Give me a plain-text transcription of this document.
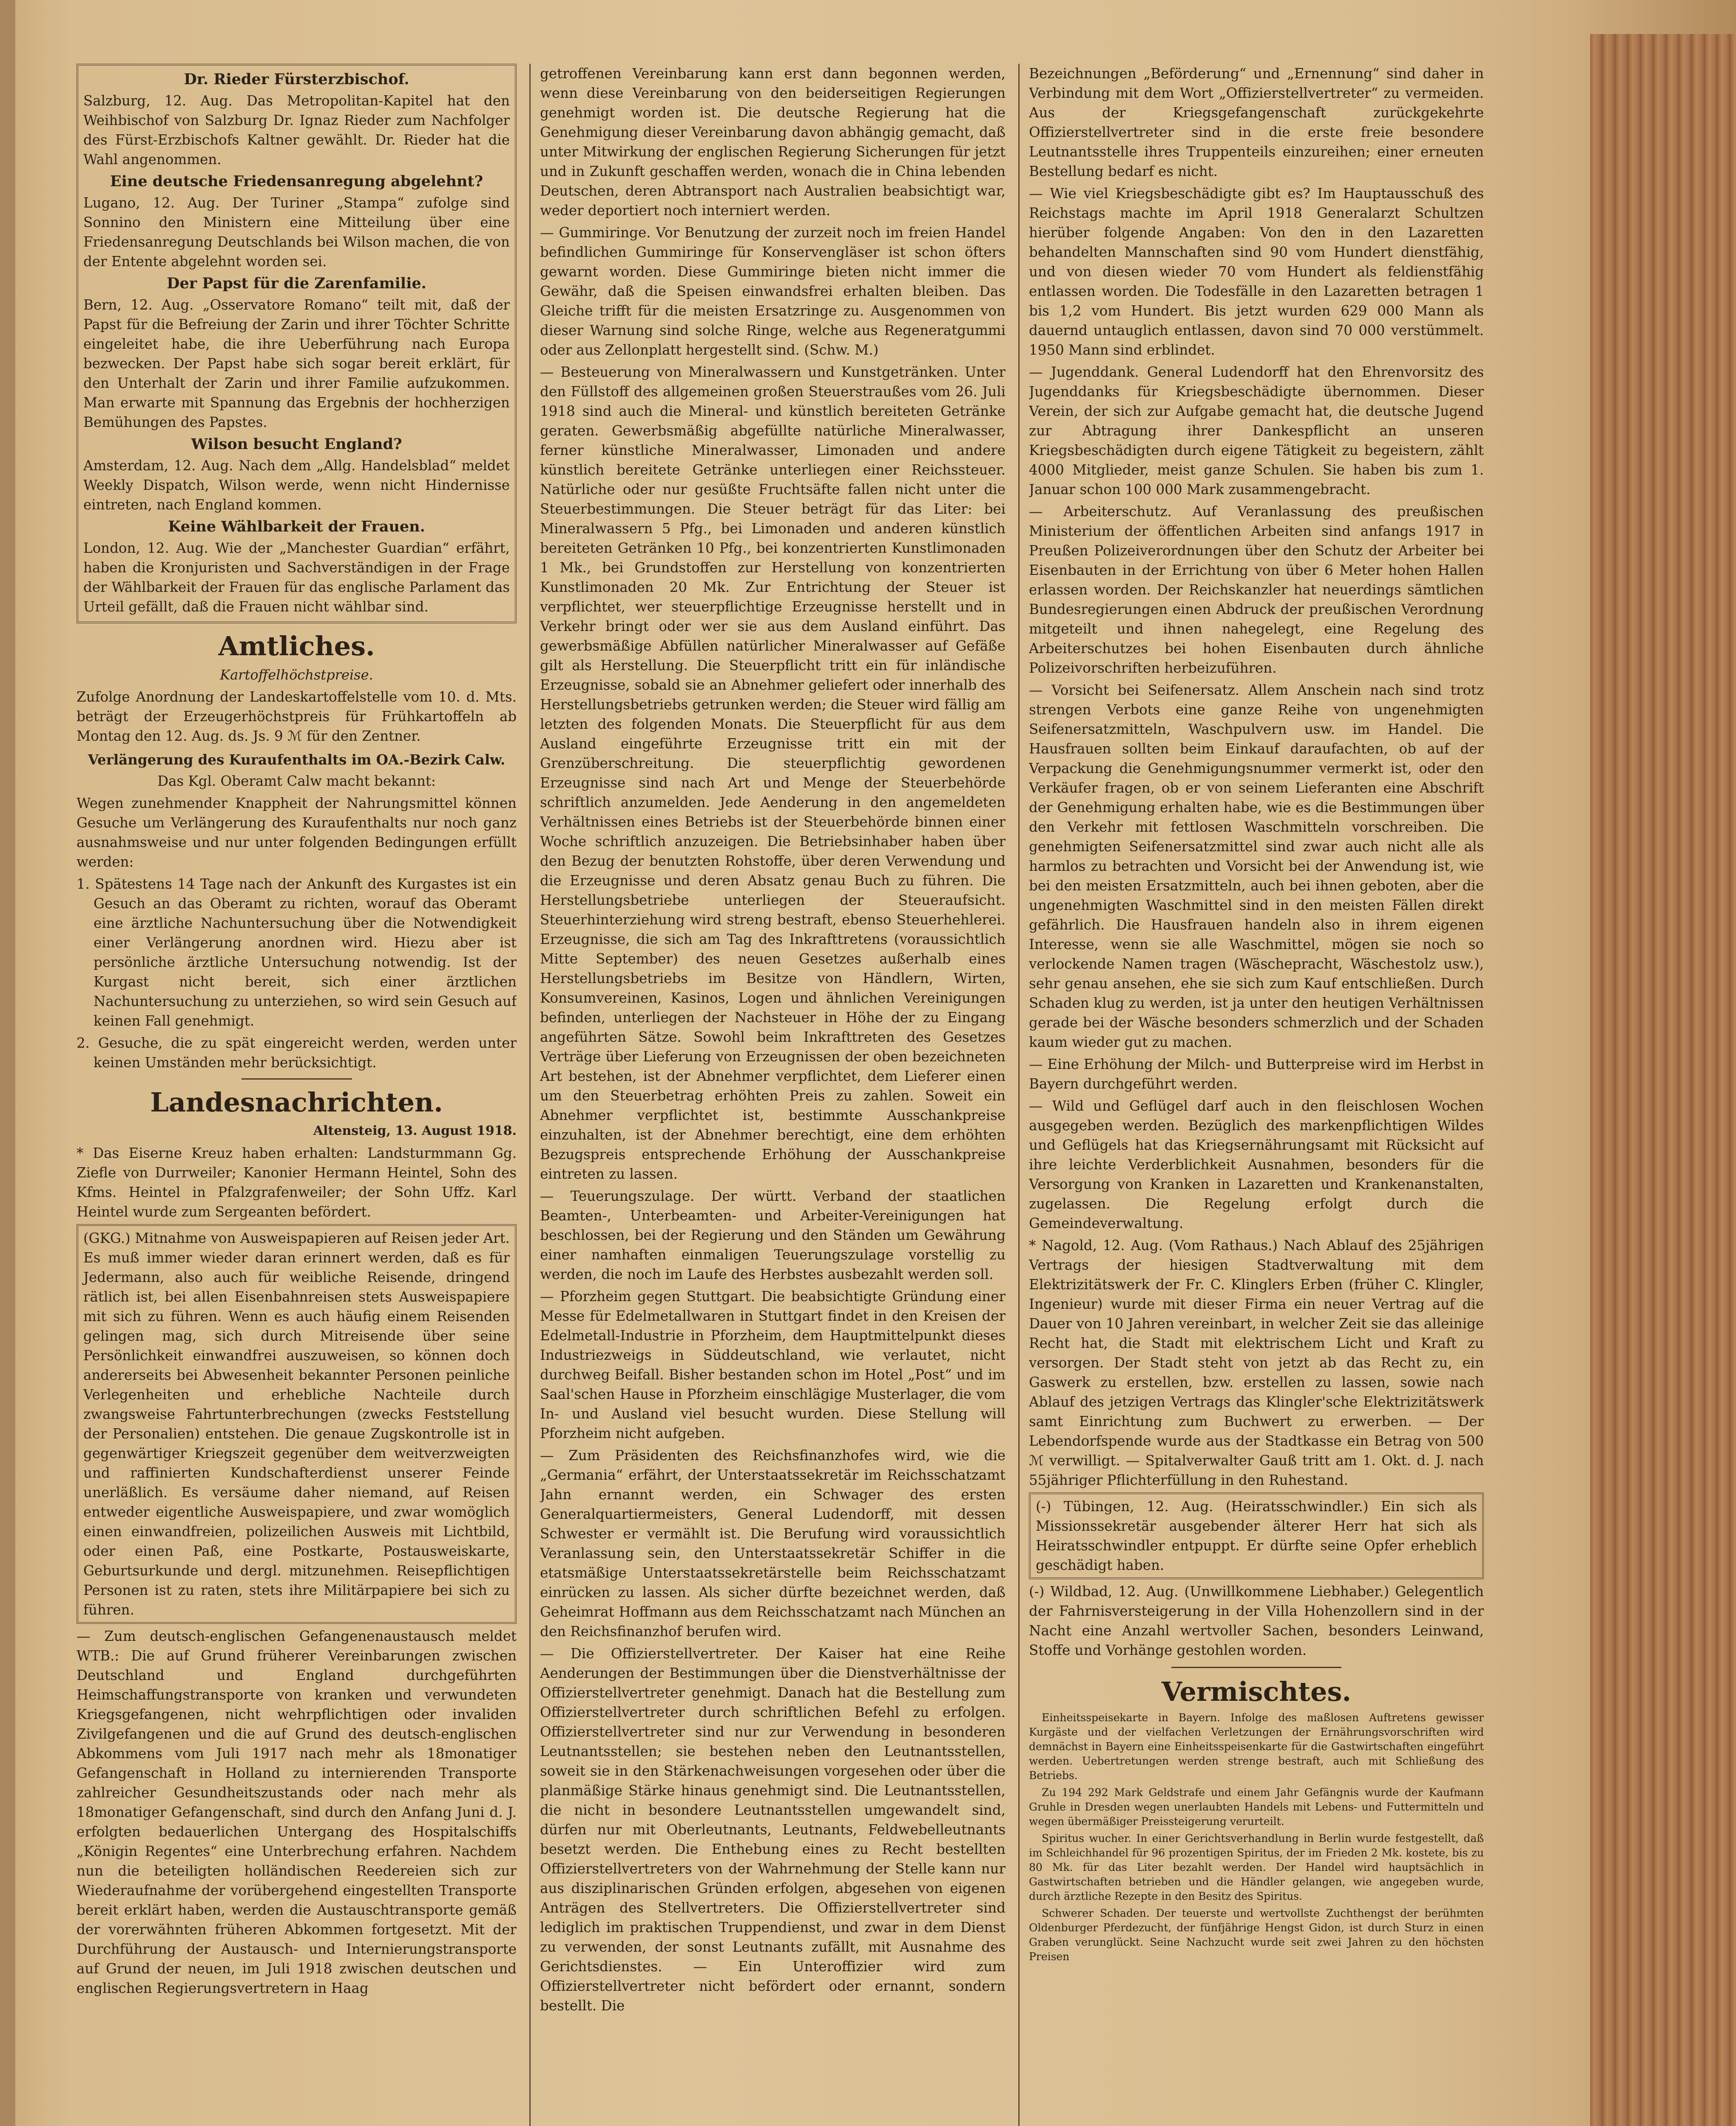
Dr. Rieder Fürsterzbischof.

Salzburg, 12. Aug. Das Metropolitan-Kapitel hat den Weihbischof von Salzburg Dr. Ignaz Rieder zum Nachfolger des Fürst-Erzbischofs Kaltner gewählt. Dr. Rieder hat die Wahl angenommen.

Eine deutsche Friedensanregung abgelehnt?

Lugano, 12. Aug. Der Turiner „Stampa“ zufolge sind Sonnino den Ministern eine Mitteilung über eine Friedensanregung Deutschlands bei Wilson machen, die von der Entente abgelehnt worden sei.

Der Papst für die Zarenfamilie.

Bern, 12. Aug. „Osservatore Romano“ teilt mit, daß der Papst für die Befreiung der Zarin und ihrer Töchter Schritte eingeleitet habe, die ihre Ueberführung nach Europa bezwecken. Der Papst habe sich sogar bereit erklärt, für den Unterhalt der Zarin und ihrer Familie aufzukommen. Man erwarte mit Spannung das Ergebnis der hochherzigen Bemühungen des Papstes.

Wilson besucht England?

Amsterdam, 12. Aug. Nach dem „Allg. Handelsblad“ meldet Weekly Dispatch, Wilson werde, wenn nicht Hindernisse eintreten, nach England kommen.

Keine Wählbarkeit der Frauen.

London, 12. Aug. Wie der „Manchester Guardian“ erfährt, haben die Kronjuristen und Sachverständigen in der Frage der Wählbarkeit der Frauen für das englische Parlament das Urteil gefällt, daß die Frauen nicht wählbar sind.

Amtliches.
Kartoffelhöchstpreise.

Zufolge Anordnung der Landeskartoffelstelle vom 10. d. Mts. beträgt der Erzeugerhöchstpreis für Frühkartoffeln ab Montag den 12. Aug. ds. Js. 9 ℳ für den Zentner.

Verlängerung des Kuraufenthalts im OA.-Bezirk Calw.

Das Kgl. Oberamt Calw macht bekannt:

Wegen zunehmender Knappheit der Nahrungsmittel können Gesuche um Verlängerung des Kuraufenthalts nur noch ganz ausnahmsweise und nur unter folgenden Bedingungen erfüllt werden:

1. Spätestens 14 Tage nach der Ankunft des Kurgastes ist ein Gesuch an das Oberamt zu richten, worauf das Oberamt eine ärztliche Nachuntersuchung über die Notwendigkeit einer Verlängerung anordnen wird. Hiezu aber ist persönliche ärztliche Untersuchung notwendig. Ist der Kurgast nicht bereit, sich einer ärztlichen Nachuntersuchung zu unterziehen, so wird sein Gesuch auf keinen Fall genehmigt.

2. Gesuche, die zu spät eingereicht werden, werden unter keinen Umständen mehr berücksichtigt.

Landesnachrichten.
Altensteig, 13. August 1918.

* Das Eiserne Kreuz haben erhalten: Landsturmmann Gg. Ziefle von Durrweiler; Kanonier Hermann Heintel, Sohn des Kfms. Heintel in Pfalzgrafenweiler; der Sohn Uffz. Karl Heintel wurde zum Sergeanten befördert.

(GKG.) Mitnahme von Ausweispapieren auf Reisen jeder Art. Es muß immer wieder daran erinnert werden, daß es für Jedermann, also auch für weibliche Reisende, dringend rätlich ist, bei allen Eisenbahnreisen stets Ausweispapiere mit sich zu führen. Wenn es auch häufig einem Reisenden gelingen mag, sich durch Mitreisende über seine Persönlichkeit einwandfrei auszuweisen, so können doch andererseits bei Abwesenheit bekannter Personen peinliche Verlegenheiten und erhebliche Nachteile durch zwangsweise Fahrtunterbrechungen (zwecks Feststellung der Personalien) entstehen. Die genaue Zugskontrolle ist in gegenwärtiger Kriegszeit gegenüber dem weitverzweigten und raffinierten Kundschafterdienst unserer Feinde unerläßlich. Es versäume daher niemand, auf Reisen entweder eigentliche Ausweispapiere, und zwar womöglich einen einwandfreien, polizeilichen Ausweis mit Lichtbild, oder einen Paß, eine Postkarte, Postausweiskarte, Geburtsurkunde und dergl. mitzunehmen. Reisepflichtigen Personen ist zu raten, stets ihre Militärpapiere bei sich zu führen.

— Zum deutsch-englischen Gefangenenaustausch meldet WTB.: Die auf Grund früherer Vereinbarungen zwischen Deutschland und England durchgeführten Heimschaffungstransporte von kranken und verwundeten Kriegsgefangenen, nicht wehrpflichtigen oder invaliden Zivilgefangenen und die auf Grund des deutsch-englischen Abkommens vom Juli 1917 nach mehr als 18monatiger Gefangenschaft in Holland zu internierenden Transporte zahlreicher Gesundheitszustands oder nach mehr als 18monatiger Gefangenschaft, sind durch den Anfang Juni d. J. erfolgten bedauerlichen Untergang des Hospitalschiffs „Königin Regentes“ eine Unterbrechung erfahren. Nachdem nun die beteiligten holländischen Reedereien sich zur Wiederaufnahme der vorübergehend eingestellten Transporte bereit erklärt haben, werden die Austauschtransporte gemäß der vorerwähnten früheren Abkommen fortgesetzt. Mit der Durchführung der Austausch- und Internierungstransporte auf Grund der neuen, im Juli 1918 zwischen deutschen und englischen Regierungsvertretern in Haag

getroffenen Vereinbarung kann erst dann begonnen werden, wenn diese Vereinbarung von den beiderseitigen Regierungen genehmigt worden ist. Die deutsche Regierung hat die Genehmigung dieser Vereinbarung davon abhängig gemacht, daß unter Mitwirkung der englischen Regierung Sicherungen für jetzt und in Zukunft geschaffen werden, wonach die in China lebenden Deutschen, deren Abtransport nach Australien beabsichtigt war, weder deportiert noch interniert werden.

— Gummiringe. Vor Benutzung der zurzeit noch im freien Handel befindlichen Gummiringe für Konservengläser ist schon öfters gewarnt worden. Diese Gummiringe bieten nicht immer die Gewähr, daß die Speisen einwandsfrei erhalten bleiben. Das Gleiche trifft für die meisten Ersatzringe zu. Ausgenommen von dieser Warnung sind solche Ringe, welche aus Regeneratgummi oder aus Zellonplatt hergestellt sind. (Schw. M.)

— Besteuerung von Mineralwassern und Kunstgetränken. Unter den Füllstoff des allgemeinen großen Steuerstraußes vom 26. Juli 1918 sind auch die Mineral- und künstlich bereiteten Getränke geraten. Gewerbsmäßig abgefüllte natürliche Mineralwasser, ferner künstliche Mineralwasser, Limonaden und andere künstlich bereitete Getränke unterliegen einer Reichssteuer. Natürliche oder nur gesüßte Fruchtsäfte fallen nicht unter die Steuerbestimmungen. Die Steuer beträgt für das Liter: bei Mineralwassern 5 Pfg., bei Limonaden und anderen künstlich bereiteten Getränken 10 Pfg., bei konzentrierten Kunstlimonaden 1 Mk., bei Grundstoffen zur Herstellung von konzentrierten Kunstlimonaden 20 Mk. Zur Entrichtung der Steuer ist verpflichtet, wer steuerpflichtige Erzeugnisse herstellt und in Verkehr bringt oder wer sie aus dem Ausland einführt. Das gewerbsmäßige Abfüllen natürlicher Mineralwasser auf Gefäße gilt als Herstellung. Die Steuerpflicht tritt ein für inländische Erzeugnisse, sobald sie an Abnehmer geliefert oder innerhalb des Herstellungsbetriebs getrunken werden; die Steuer wird fällig am letzten des folgenden Monats. Die Steuerpflicht für aus dem Ausland eingeführte Erzeugnisse tritt ein mit der Grenzüberschreitung. Die steuerpflichtig gewordenen Erzeugnisse sind nach Art und Menge der Steuerbehörde schriftlich anzumelden. Jede Aenderung in den angemeldeten Verhältnissen eines Betriebs ist der Steuerbehörde binnen einer Woche schriftlich anzuzeigen. Die Betriebsinhaber haben über den Bezug der benutzten Rohstoffe, über deren Verwendung und die Erzeugnisse und deren Absatz genau Buch zu führen. Die Herstellungsbetriebe unterliegen der Steueraufsicht. Steuerhinterziehung wird streng bestraft, ebenso Steuerhehlerei. Erzeugnisse, die sich am Tag des Inkrafttretens (voraussichtlich Mitte September) des neuen Gesetzes außerhalb eines Herstellungsbetriebs im Besitze von Händlern, Wirten, Konsumvereinen, Kasinos, Logen und ähnlichen Vereinigungen befinden, unterliegen der Nachsteuer in Höhe der zu Eingang angeführten Sätze. Sowohl beim Inkrafttreten des Gesetzes Verträge über Lieferung von Erzeugnissen der oben bezeichneten Art bestehen, ist der Abnehmer verpflichtet, dem Lieferer einen um den Steuerbetrag erhöhten Preis zu zahlen. Soweit ein Abnehmer verpflichtet ist, bestimmte Ausschankpreise einzuhalten, ist der Abnehmer berechtigt, eine dem erhöhten Bezugspreis entsprechende Erhöhung der Ausschankpreise eintreten zu lassen.

— Teuerungszulage. Der württ. Verband der staatlichen Beamten-, Unterbeamten- und Arbeiter-Vereinigungen hat beschlossen, bei der Regierung und den Ständen um Gewährung einer namhaften einmaligen Teuerungszulage vorstellig zu werden, die noch im Laufe des Herbstes ausbezahlt werden soll.

— Pforzheim gegen Stuttgart. Die beabsichtigte Gründung einer Messe für Edelmetallwaren in Stuttgart findet in den Kreisen der Edelmetall-Industrie in Pforzheim, dem Hauptmittelpunkt dieses Industriezweigs in Süddeutschland, wie verlautet, nicht durchweg Beifall. Bisher bestanden schon im Hotel „Post“ und im Saal'schen Hause in Pforzheim einschlägige Musterlager, die vom In- und Ausland viel besucht wurden. Diese Stellung will Pforzheim nicht aufgeben.

— Zum Präsidenten des Reichsfinanzhofes wird, wie die „Germania“ erfährt, der Unterstaatssekretär im Reichsschatzamt Jahn ernannt werden, ein Schwager des ersten Generalquartiermeisters, General Ludendorff, mit dessen Schwester er vermählt ist. Die Berufung wird voraussichtlich Veranlassung sein, den Unterstaatssekretär Schiffer in die etatsmäßige Unterstaatssekretärstelle beim Reichsschatzamt einrücken zu lassen. Als sicher dürfte bezeichnet werden, daß Geheimrat Hoffmann aus dem Reichsschatzamt nach München an den Reichsfinanzhof berufen wird.

— Die Offizierstellvertreter. Der Kaiser hat eine Reihe Aenderungen der Bestimmungen über die Dienstverhältnisse der Offizierstellvertreter genehmigt. Danach hat die Bestellung zum Offizierstellvertreter durch schriftlichen Befehl zu erfolgen. Offizierstellvertreter sind nur zur Verwendung in besonderen Leutnantsstellen; sie bestehen neben den Leutnantsstellen, soweit sie in den Stärkenachweisungen vorgesehen oder über die planmäßige Stärke hinaus genehmigt sind. Die Leutnantsstellen, die nicht in besondere Leutnantsstellen umgewandelt sind, dürfen nur mit Oberleutnants, Leutnants, Feldwebelleutnants besetzt werden. Die Enthebung eines zu Recht bestellten Offizierstellvertreters von der Wahrnehmung der Stelle kann nur aus disziplinarischen Gründen erfolgen, abgesehen von eigenen Anträgen des Stellvertreters. Die Offizierstellvertreter sind lediglich im praktischen Truppendienst, und zwar in dem Dienst zu verwenden, der sonst Leutnants zufällt, mit Ausnahme des Gerichtsdienstes. — Ein Unteroffizier wird zum Offizierstellvertreter nicht befördert oder ernannt, sondern bestellt. Die

Bezeichnungen „Beförderung“ und „Ernennung“ sind daher in Verbindung mit dem Wort „Offizierstellvertreter“ zu vermeiden. Aus der Kriegsgefangenschaft zurückgekehrte Offizierstellvertreter sind in die erste freie besondere Leutnantsstelle ihres Truppenteils einzureihen; einer erneuten Bestellung bedarf es nicht.

— Wie viel Kriegsbeschädigte gibt es? Im Hauptausschuß des Reichstags machte im April 1918 Generalarzt Schultzen hierüber folgende Angaben: Von den in den Lazaretten behandelten Mannschaften sind 90 vom Hundert dienstfähig, und von diesen wieder 70 vom Hundert als feldienstfähig entlassen worden. Die Todesfälle in den Lazaretten betragen 1 bis 1,2 vom Hundert. Bis jetzt wurden 629 000 Mann als dauernd untauglich entlassen, davon sind 70 000 verstümmelt. 1950 Mann sind erblindet.

— Jugenddank. General Ludendorff hat den Ehrenvorsitz des Jugenddanks für Kriegsbeschädigte übernommen. Dieser Verein, der sich zur Aufgabe gemacht hat, die deutsche Jugend zur Abtragung ihrer Dankespflicht an unseren Kriegsbeschädigten durch eigene Tätigkeit zu begeistern, zählt 4000 Mitglieder, meist ganze Schulen. Sie haben bis zum 1. Januar schon 100 000 Mark zusammengebracht.

— Arbeiterschutz. Auf Veranlassung des preußischen Ministerium der öffentlichen Arbeiten sind anfangs 1917 in Preußen Polizeiverordnungen über den Schutz der Arbeiter bei Eisenbauten in der Errichtung von über 6 Meter hohen Hallen erlassen worden. Der Reichskanzler hat neuerdings sämtlichen Bundesregierungen einen Abdruck der preußischen Verordnung mitgeteilt und ihnen nahegelegt, eine Regelung des Arbeiterschutzes bei hohen Eisenbauten durch ähnliche Polizeivorschriften herbeizuführen.

— Vorsicht bei Seifenersatz. Allem Anschein nach sind trotz strengen Verbots eine ganze Reihe von ungenehmigten Seifenersatzmitteln, Waschpulvern usw. im Handel. Die Hausfrauen sollten beim Einkauf daraufachten, ob auf der Verpackung die Genehmigungsnummer vermerkt ist, oder den Verkäufer fragen, ob er von seinem Lieferanten eine Abschrift der Genehmigung erhalten habe, wie es die Bestimmungen über den Verkehr mit fettlosen Waschmitteln vorschreiben. Die genehmigten Seifenersatzmittel sind zwar auch nicht alle als harmlos zu betrachten und Vorsicht bei der Anwendung ist, wie bei den meisten Ersatzmitteln, auch bei ihnen geboten, aber die ungenehmigten Waschmittel sind in den meisten Fällen direkt gefährlich. Die Hausfrauen handeln also in ihrem eigenen Interesse, wenn sie alle Waschmittel, mögen sie noch so verlockende Namen tragen (Wäschepracht, Wäschestolz usw.), sehr genau ansehen, ehe sie sich zum Kauf entschließen. Durch Schaden klug zu werden, ist ja unter den heutigen Verhältnissen gerade bei der Wäsche besonders schmerzlich und der Schaden kaum wieder gut zu machen.

— Eine Erhöhung der Milch- und Butterpreise wird im Herbst in Bayern durchgeführt werden.

— Wild und Geflügel darf auch in den fleischlosen Wochen ausgegeben werden. Bezüglich des markenpflichtigen Wildes und Geflügels hat das Kriegsernährungsamt mit Rücksicht auf ihre leichte Verderblichkeit Ausnahmen, besonders für die Versorgung von Kranken in Lazaretten und Krankenanstalten, zugelassen. Die Regelung erfolgt durch die Gemeindeverwaltung.

* Nagold, 12. Aug. (Vom Rathaus.) Nach Ablauf des 25jährigen Vertrags der hiesigen Stadtverwaltung mit dem Elektrizitätswerk der Fr. C. Klinglers Erben (früher C. Klingler, Ingenieur) wurde mit dieser Firma ein neuer Vertrag auf die Dauer von 10 Jahren vereinbart, in welcher Zeit sie das alleinige Recht hat, die Stadt mit elektrischem Licht und Kraft zu versorgen. Der Stadt steht von jetzt ab das Recht zu, ein Gaswerk zu erstellen, bzw. erstellen zu lassen, sowie nach Ablauf des jetzigen Vertrags das Klingler'sche Elektrizitätswerk samt Einrichtung zum Buchwert zu erwerben. — Der Lebendorfspende wurde aus der Stadtkasse ein Betrag von 500 ℳ verwilligt. — Spitalverwalter Gauß tritt am 1. Okt. d. J. nach 55jähriger Pflichterfüllung in den Ruhestand.

(-) Tübingen, 12. Aug. (Heiratsschwindler.) Ein sich als Missionssekretär ausgebender älterer Herr hat sich als Heiratsschwindler entpuppt. Er dürfte seine Opfer erheblich geschädigt haben.

(-) Wildbad, 12. Aug. (Unwillkommene Liebhaber.) Gelegentlich der Fahrnisversteigerung in der Villa Hohenzollern sind in der Nacht eine Anzahl wertvoller Sachen, besonders Leinwand, Stoffe und Vorhänge gestohlen worden.

Vermischtes.

Einheitsspeisekarte in Bayern. Infolge des maßlosen Auftretens gewisser Kurgäste und der vielfachen Verletzungen der Ernährungsvorschriften wird demnächst in Bayern eine Einheitsspeisenkarte für die Gastwirtschaften eingeführt werden. Uebertretungen werden strenge bestraft, auch mit Schließung des Betriebs.

Zu 194 292 Mark Geldstrafe und einem Jahr Gefängnis wurde der Kaufmann Gruhle in Dresden wegen unerlaubten Handels mit Lebens- und Futtermitteln und wegen übermäßiger Preissteigerung verurteilt.

Spiritus wucher. In einer Gerichtsverhandlung in Berlin wurde festgestellt, daß im Schleichhandel für 96 prozentigen Spiritus, der im Frieden 2 Mk. kostete, bis zu 80 Mk. für das Liter bezahlt werden. Der Handel wird hauptsächlich in Gastwirtschaften betrieben und die Händler gelangen, wie angegeben wurde, durch ärztliche Rezepte in den Besitz des Spiritus.

Schwerer Schaden. Der teuerste und wertvollste Zuchthengst der berühmten Oldenburger Pferdezucht, der fünfjährige Hengst Gidon, ist durch Sturz in einen Graben verunglückt. Seine Nachzucht wurde seit zwei Jahren zu den höchsten Preisen
